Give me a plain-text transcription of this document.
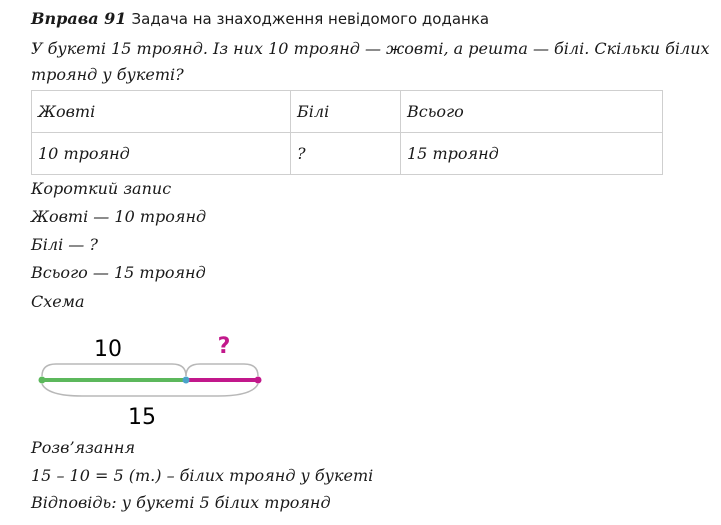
Вправа 91 Задача на знаходження невідомого доданка
У букеті 15 троянд. Із них 10 троянд — жовті, а решта — білі. Скільки білих
троянд у букеті?
Жовті	Білі	Всього
10 троянд	?	15 троянд
Короткий запис
Жовті — 10 троянд
Білі — ?
Всього — 15 троянд
Схема
10	?
15
Розв’язання
15 – 10 = 5 (т.) – білих троянд у букеті
Відповідь: у букеті 5 білих троянд
